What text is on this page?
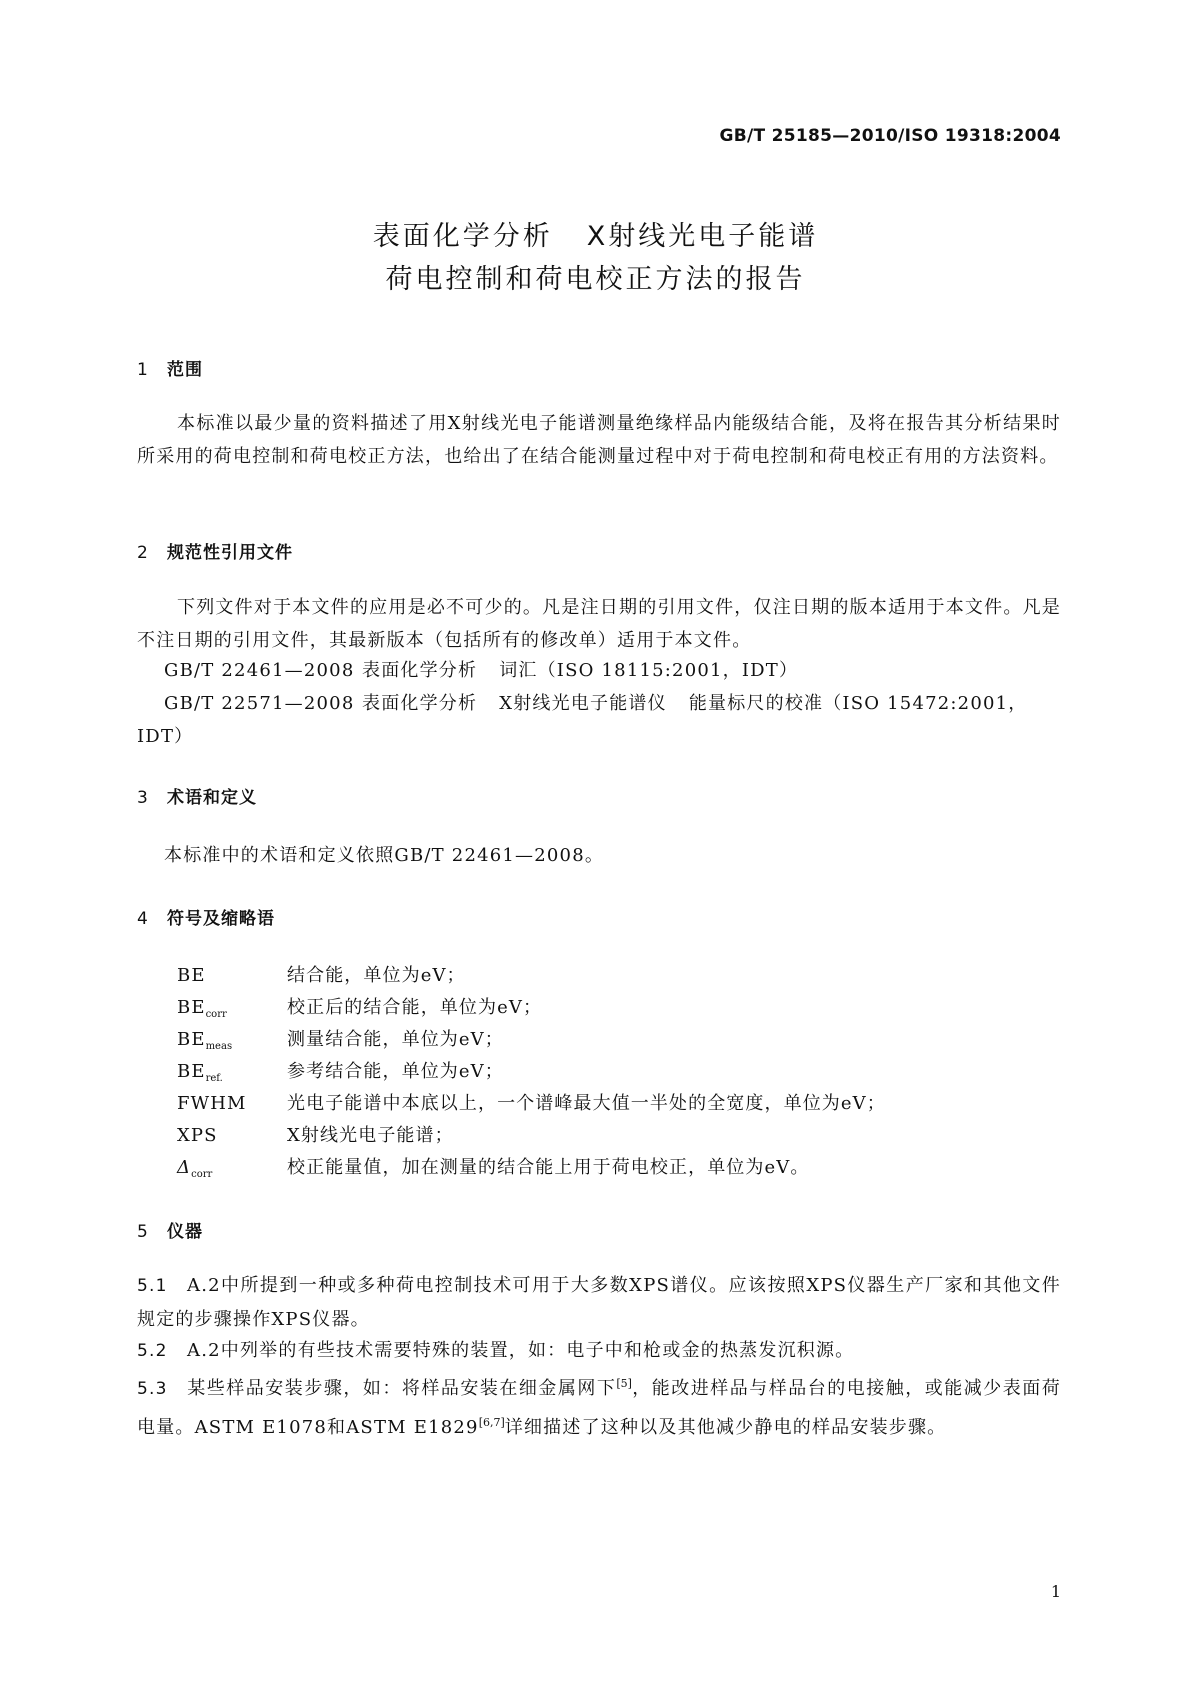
GB/T 25185—2010/ISO 19318:2004
表面化学分析 X射线光电子能谱
荷电控制和荷电校正方法的报告
1 范围
本标准以最少量的资料描述了用X射线光电子能谱测量绝缘样品内能级结合能，及将在报告其分析结果时所采用的荷电控制和荷电校正方法，也给出了在结合能测量过程中对于荷电控制和荷电校正有用的方法资料。
2 规范性引用文件
下列文件对于本文件的应用是必不可少的。凡是注日期的引用文件，仅注日期的版本适用于本文件。凡是不注日期的引用文件，其最新版本（包括所有的修改单）适用于本文件。
GB/T 22461—2008 表面化学分析 词汇（ISO 18115:2001，IDT）
GB/T 22571—2008 表面化学分析 X射线光电子能谱仪 能量标尺的校准（ISO 15472:2001，
IDT）
3 术语和定义
本标准中的术语和定义依照GB/T 22461—2008。
4 符号及缩略语
BE	结合能，单位为eV；
$BE_{corr}$	校正后的结合能，单位为eV；
$BE_{meas}$	测量结合能，单位为eV；
$BE_{ref.}$	参考结合能，单位为eV；
FWHM 光电子能谱中本底以上，一个谱峰最大值一半处的全宽度，单位为eV；
XPS	X射线光电子能谱；
$\Delta_{corr}$	校正能量值，加在测量的结合能上用于荷电校正，单位为eV。
5 仪器
5.1 A.2中所提到一种或多种荷电控制技术可用于大多数XPS谱仪。应该按照XPS仪器生产厂家和其他文件规定的步骤操作XPS仪器。
5.2 A.2中列举的有些技术需要特殊的装置，如：电子中和枪或金的热蒸发沉积源。
5.3 某些样品安装步骤，如：将样品安装在细金属网下[5]，能改进样品与样品台的电接触，或能减少表面荷电量。ASTM E1078和ASTM E1829[6,7]详细描述了这种以及其他减少静电的样品安装步骤。
1
